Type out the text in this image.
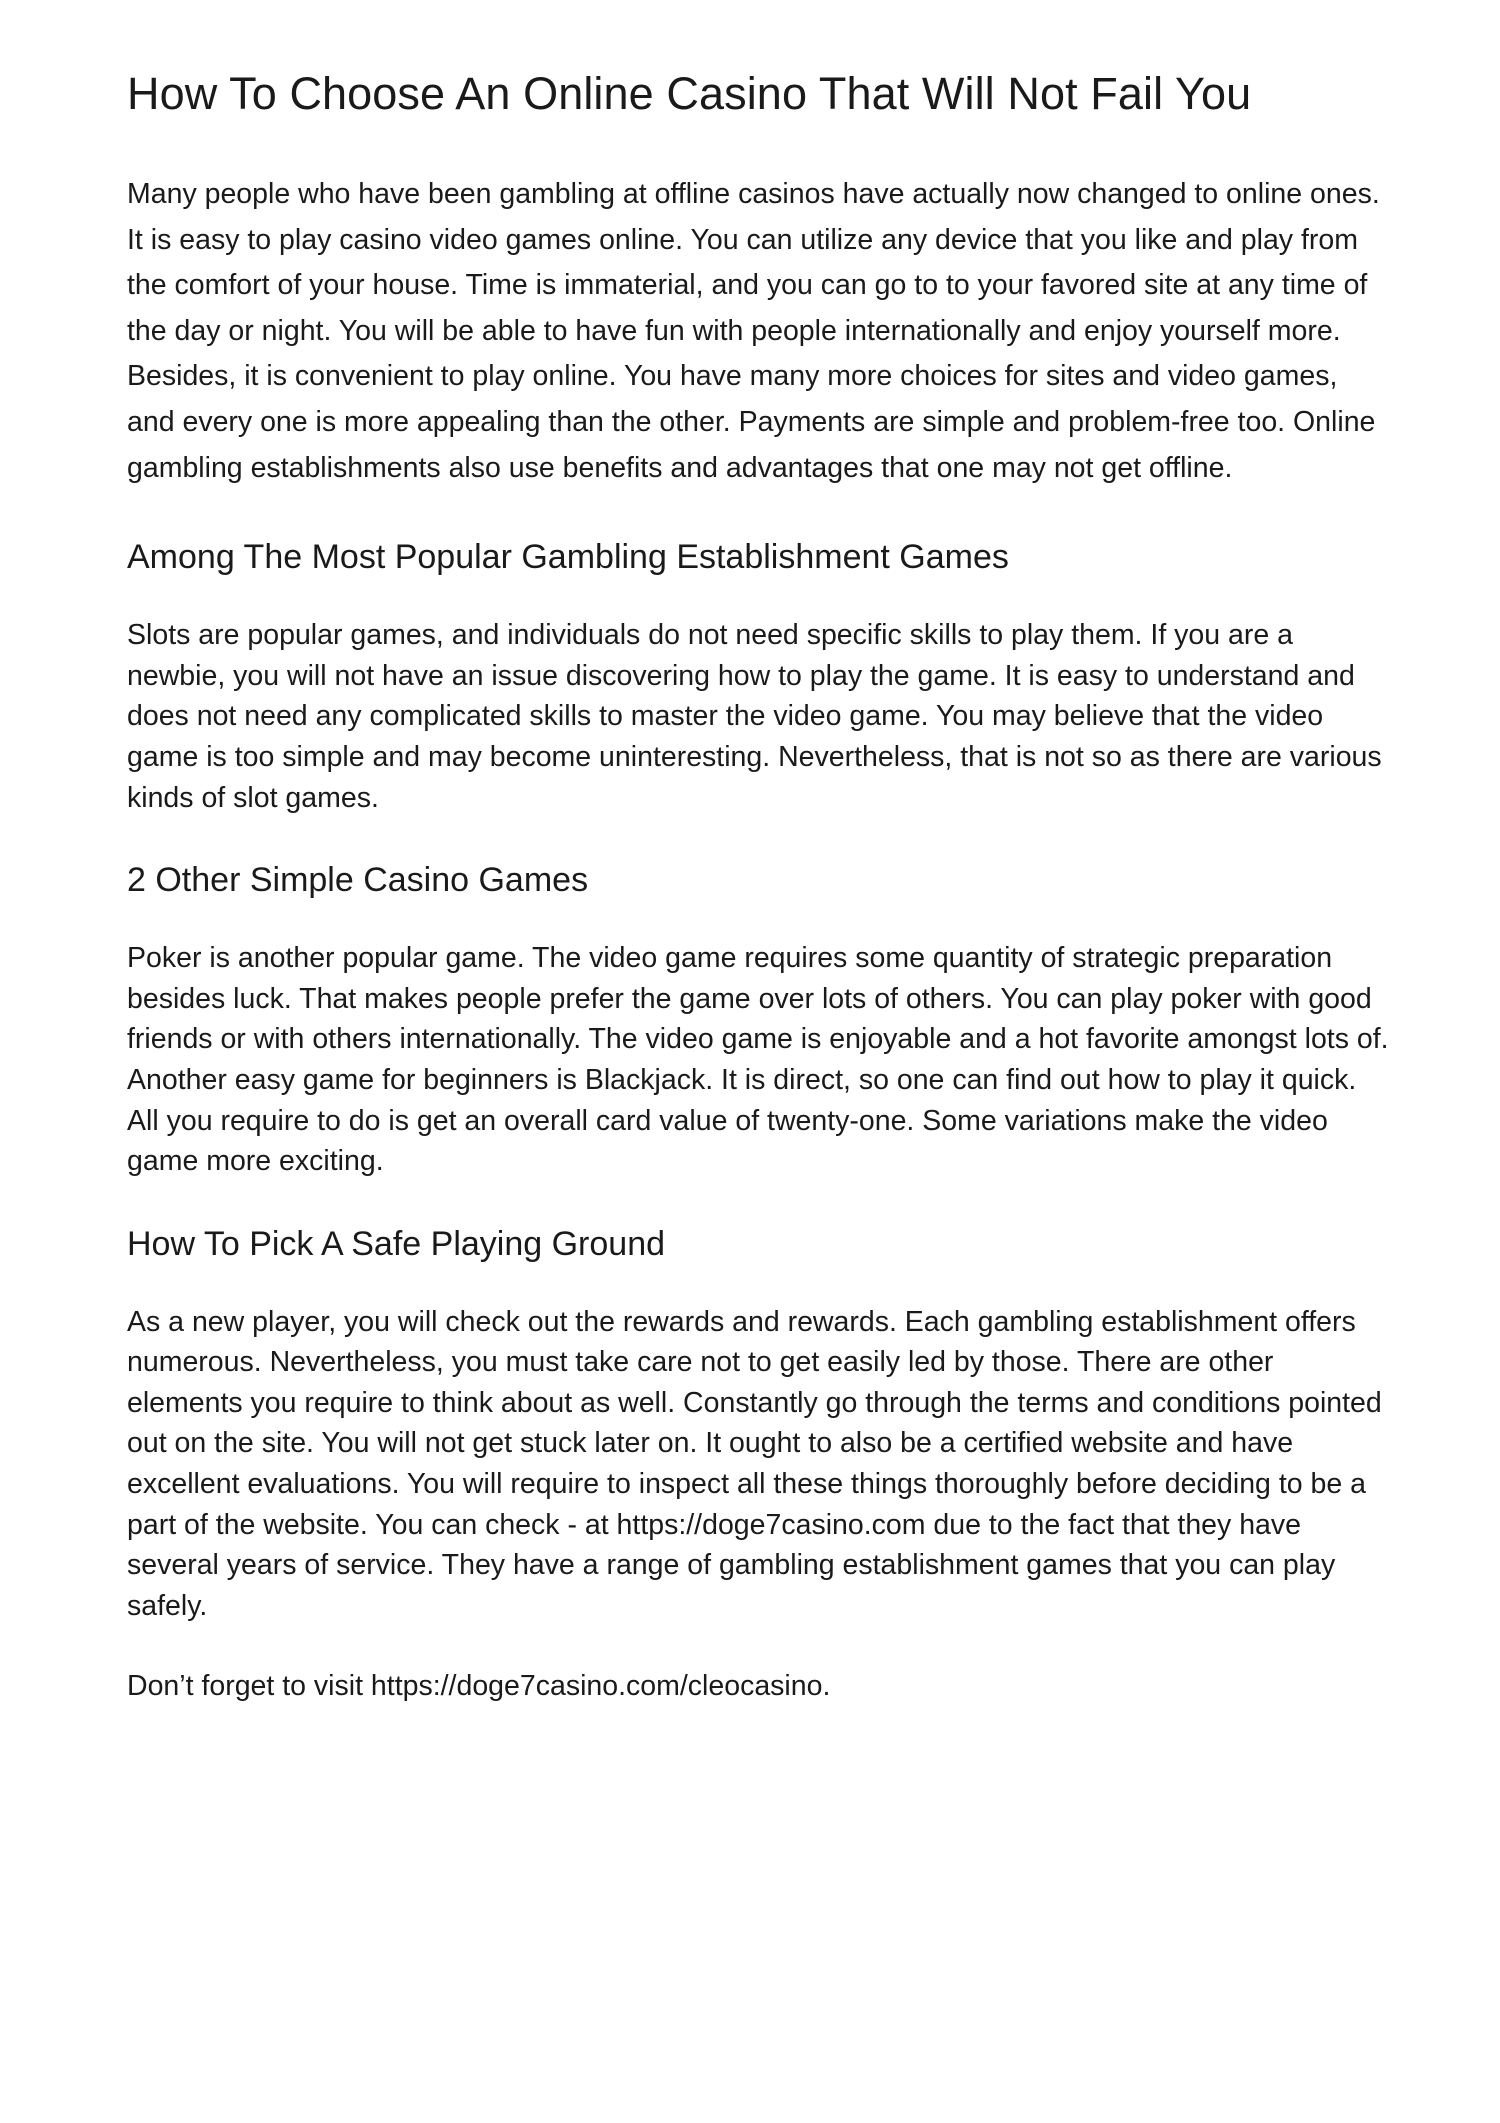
How To Choose An Online Casino That Will Not Fail You

Many people who have been gambling at offline casinos have actually now changed to online ones. It is easy to play casino video games online. You can utilize any device that you like and play from the comfort of your house. Time is immaterial, and you can go to to your favored site at any time of the day or night. You will be able to have fun with people internationally and enjoy yourself more. Besides, it is convenient to play online. You have many more choices for sites and video games, and every one is more appealing than the other. Payments are simple and problem-free too. Online gambling establishments also use benefits and advantages that one may not get offline.

Among The Most Popular Gambling Establishment Games

Slots are popular games, and individuals do not need specific skills to play them. If you are a newbie, you will not have an issue discovering how to play the game. It is easy to understand and does not need any complicated skills to master the video game. You may believe that the video game is too simple and may become uninteresting. Nevertheless, that is not so as there are various kinds of slot games.

2 Other Simple Casino Games

Poker is another popular game. The video game requires some quantity of strategic preparation besides luck. That makes people prefer the game over lots of others. You can play poker with good friends or with others internationally. The video game is enjoyable and a hot favorite amongst lots of. Another easy game for beginners is Blackjack. It is direct, so one can find out how to play it quick. All you require to do is get an overall card value of twenty-one. Some variations make the video game more exciting.

How To Pick A Safe Playing Ground

As a new player, you will check out the rewards and rewards. Each gambling establishment offers numerous. Nevertheless, you must take care not to get easily led by those. There are other elements you require to think about as well. Constantly go through the terms and conditions pointed out on the site. You will not get stuck later on. It ought to also be a certified website and have excellent evaluations. You will require to inspect all these things thoroughly before deciding to be a part of the website. You can check - at https://doge7casino.com due to the fact that they have several years of service. They have a range of gambling establishment games that you can play safely.

Don’t forget to visit https://doge7casino.com/cleocasino.
